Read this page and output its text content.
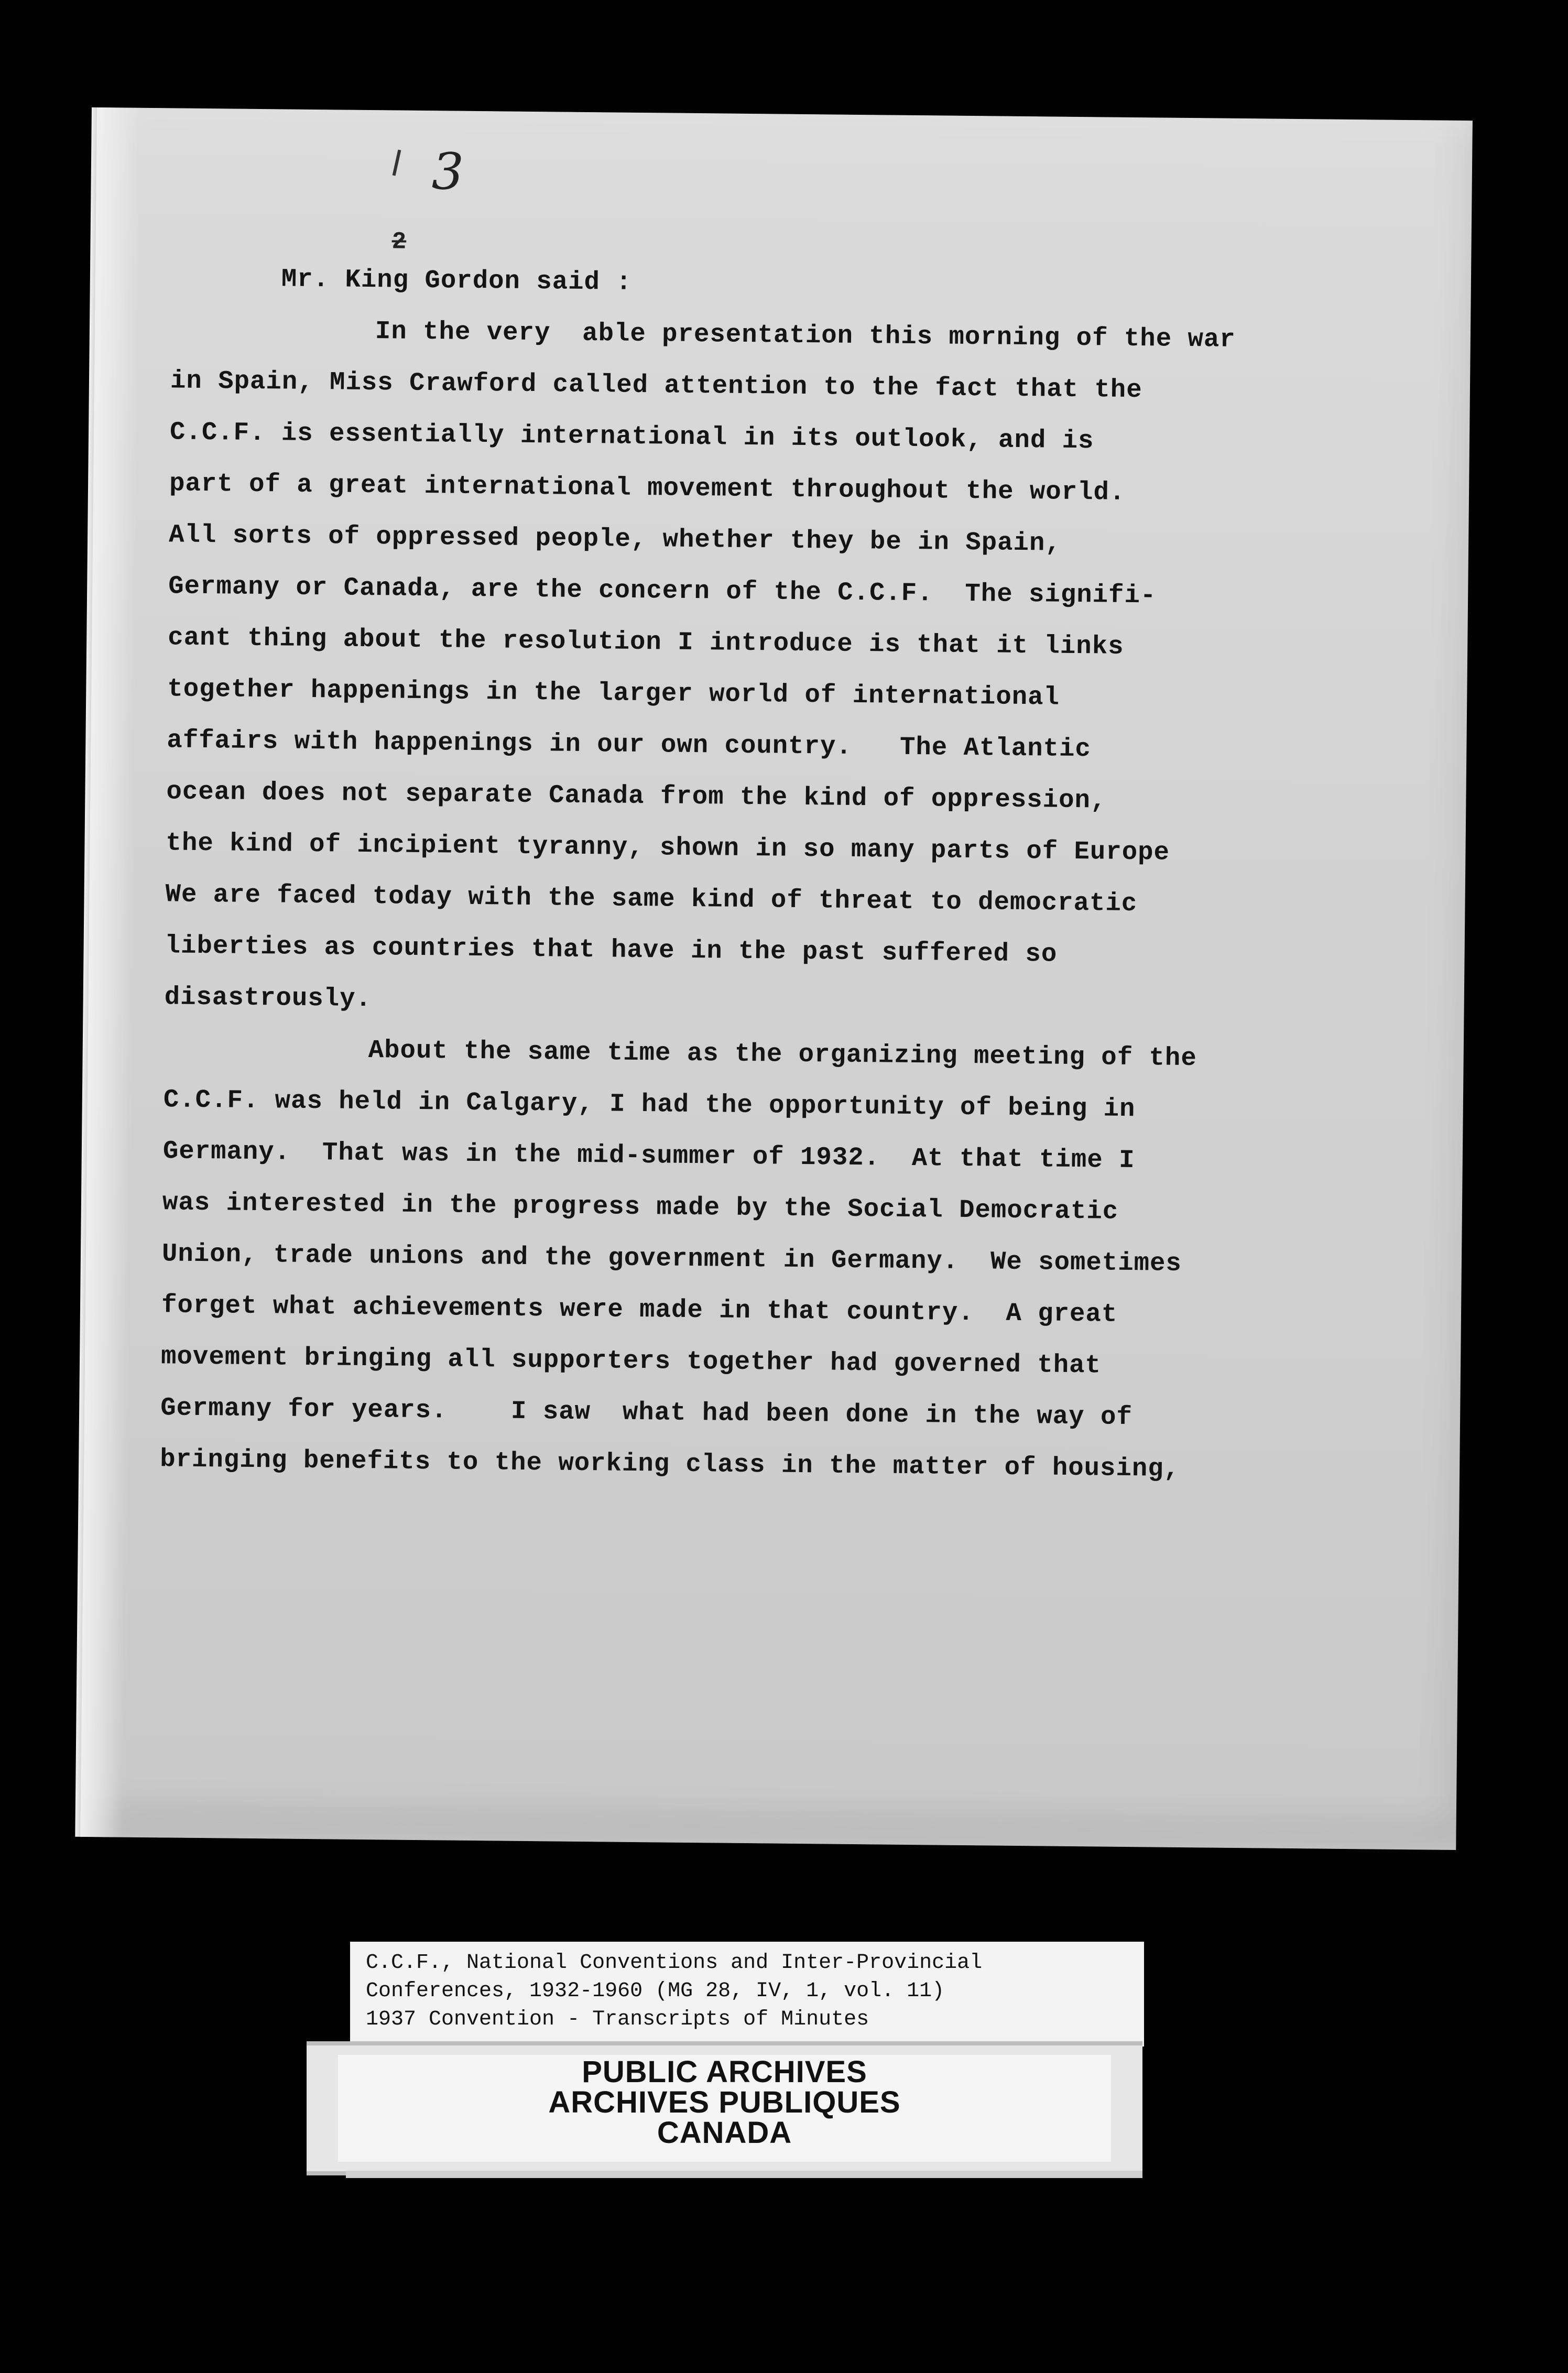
3
2
Mr. King Gordon said :
In the very  able presentation this morning of the war
in Spain, Miss Crawford called attention to the fact that the
C.C.F. is essentially international in its outlook, and is
part of a great international movement throughout the world.
All sorts of oppressed people, whether they be in Spain,
Germany or Canada, are the concern of the C.C.F.  The signifi-
cant thing about the resolution I introduce is that it links
together happenings in the larger world of international
affairs with happenings in our own country.   The Atlantic
ocean does not separate Canada from the kind of oppression,
the kind of incipient tyranny, shown in so many parts of Europe
We are faced today with the same kind of threat to democratic
liberties as countries that have in the past suffered so
disastrously.
About the same time as the organizing meeting of the
C.C.F. was held in Calgary, I had the opportunity of being in
Germany.  That was in the mid-summer of 1932.  At that time I
was interested in the progress made by the Social Democratic
Union, trade unions and the government in Germany.  We sometimes
forget what achievements were made in that country.  A great
movement bringing all supporters together had governed that
Germany for years.    I saw  what had been done in the way of
bringing benefits to the working class in the matter of housing,
C.C.F., National Conventions and Inter-Provincial
Conferences, 1932-1960 (MG 28, IV, 1, vol. 11)
1937 Convention - Transcripts of Minutes
PUBLIC ARCHIVES
ARCHIVES PUBLIQUES
CANADA
